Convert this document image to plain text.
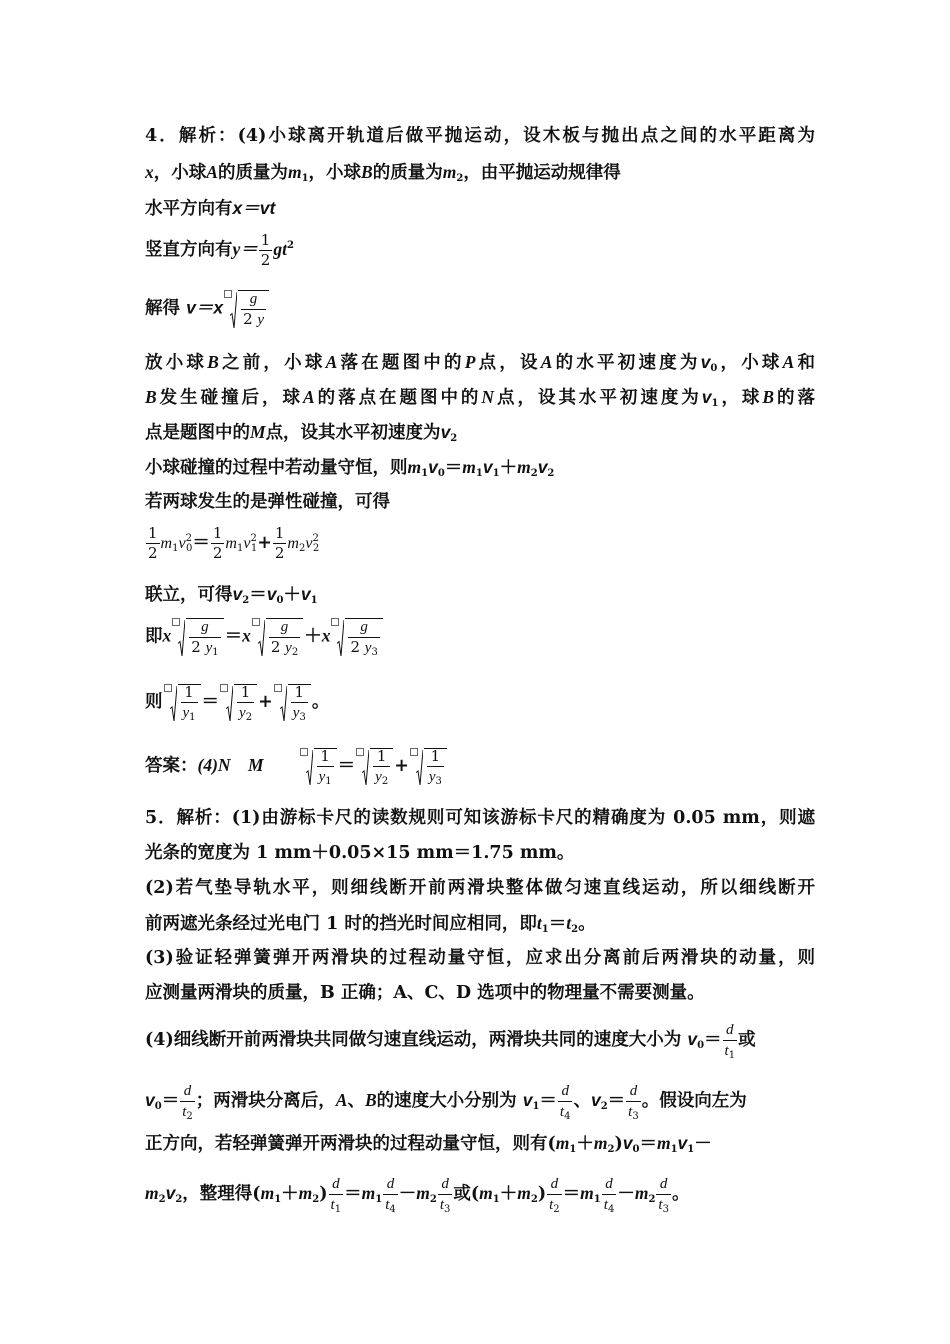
4．解析：(4)小球离开轨道后做平抛运动，设木板与抛出点之间的水平距离为
x，小球A的质量为$m_1$，小球B的质量为$m_2$，由平抛运动规律得
水平方向有x＝vt
竖直方向有$y= \frac{1}{2} gt^2$
解得 $v=x \frac{g}{2 y}$
放小球B之前，小球A落在题图中的P点，设A的水平初速度为$v_0$，小球A和
B发生碰撞后，球A的落点在题图中的N点，设其水平初速度为$v_1$，球B的落
点是题图中的M点，设其水平初速度为$v_2$
小球碰撞的过程中若动量守恒，则$m_1v_0=m_1v_1+m_2v_2$
若两球发生的是弹性碰撞，可得
$\frac{1}{2} m_1v^2_0= \frac{1}{2} m_1v^2_1+ \frac{1}{2} m_2v^2_2$
联立，可得$v_2=v_0+v_1$
即x $\frac{g}{2 y_1} =x \frac{g}{2 y_2} +x \frac{g}{2 y_3}$
则 $\frac{1}{y_1} = \frac{1}{y_2} + \frac{1}{y_3}$ 。
答案：(4)N　M　　	$\frac{1}{y_1} = \frac{1}{y_2} + \frac{1}{y_3}$
5．解析：(1)由游标卡尺的读数规则可知该游标卡尺的精确度为 0.05 mm，则遮
光条的宽度为 1 mm＋0.05×15 mm＝1.75 mm。
(2)若气垫导轨水平，则细线断开前两滑块整体做匀速直线运动，所以细线断开
前两遮光条经过光电门 1 时的挡光时间应相同，即$t_1=t_2$。
(3)验证轻弹簧弹开两滑块的过程动量守恒，应求出分离前后两滑块的动量，则
应测量两滑块的质量，B 正确；A、C、D 选项中的物理量不需要测量。
(4)细线断开前两滑块共同做匀速直线运动，两滑块共同的速度大小为 $v_0= \frac{d}{t_1}$ 或
$v_0= \frac{d}{t_2}$ ；两滑块分离后，A、B的速度大小分别为 $v_1= \frac{d}{t_4}$ 、$v_2= \frac{d}{t_3}$ 。假设向左为
正方向，若轻弹簧弹开两滑块的过程动量守恒，则有$(m_1+m_2)v_0=m_1v_1-$
$m_2v_2$，整理得$(m_1+m_2) \frac{d}{t_1} =m_1 \frac{d}{t_4} -m_2 \frac{d}{t_3}$ 或$(m_1+m_2) \frac{d}{t_2} =m_1 \frac{d}{t_4} -m_2 \frac{d}{t_3}$ 。
